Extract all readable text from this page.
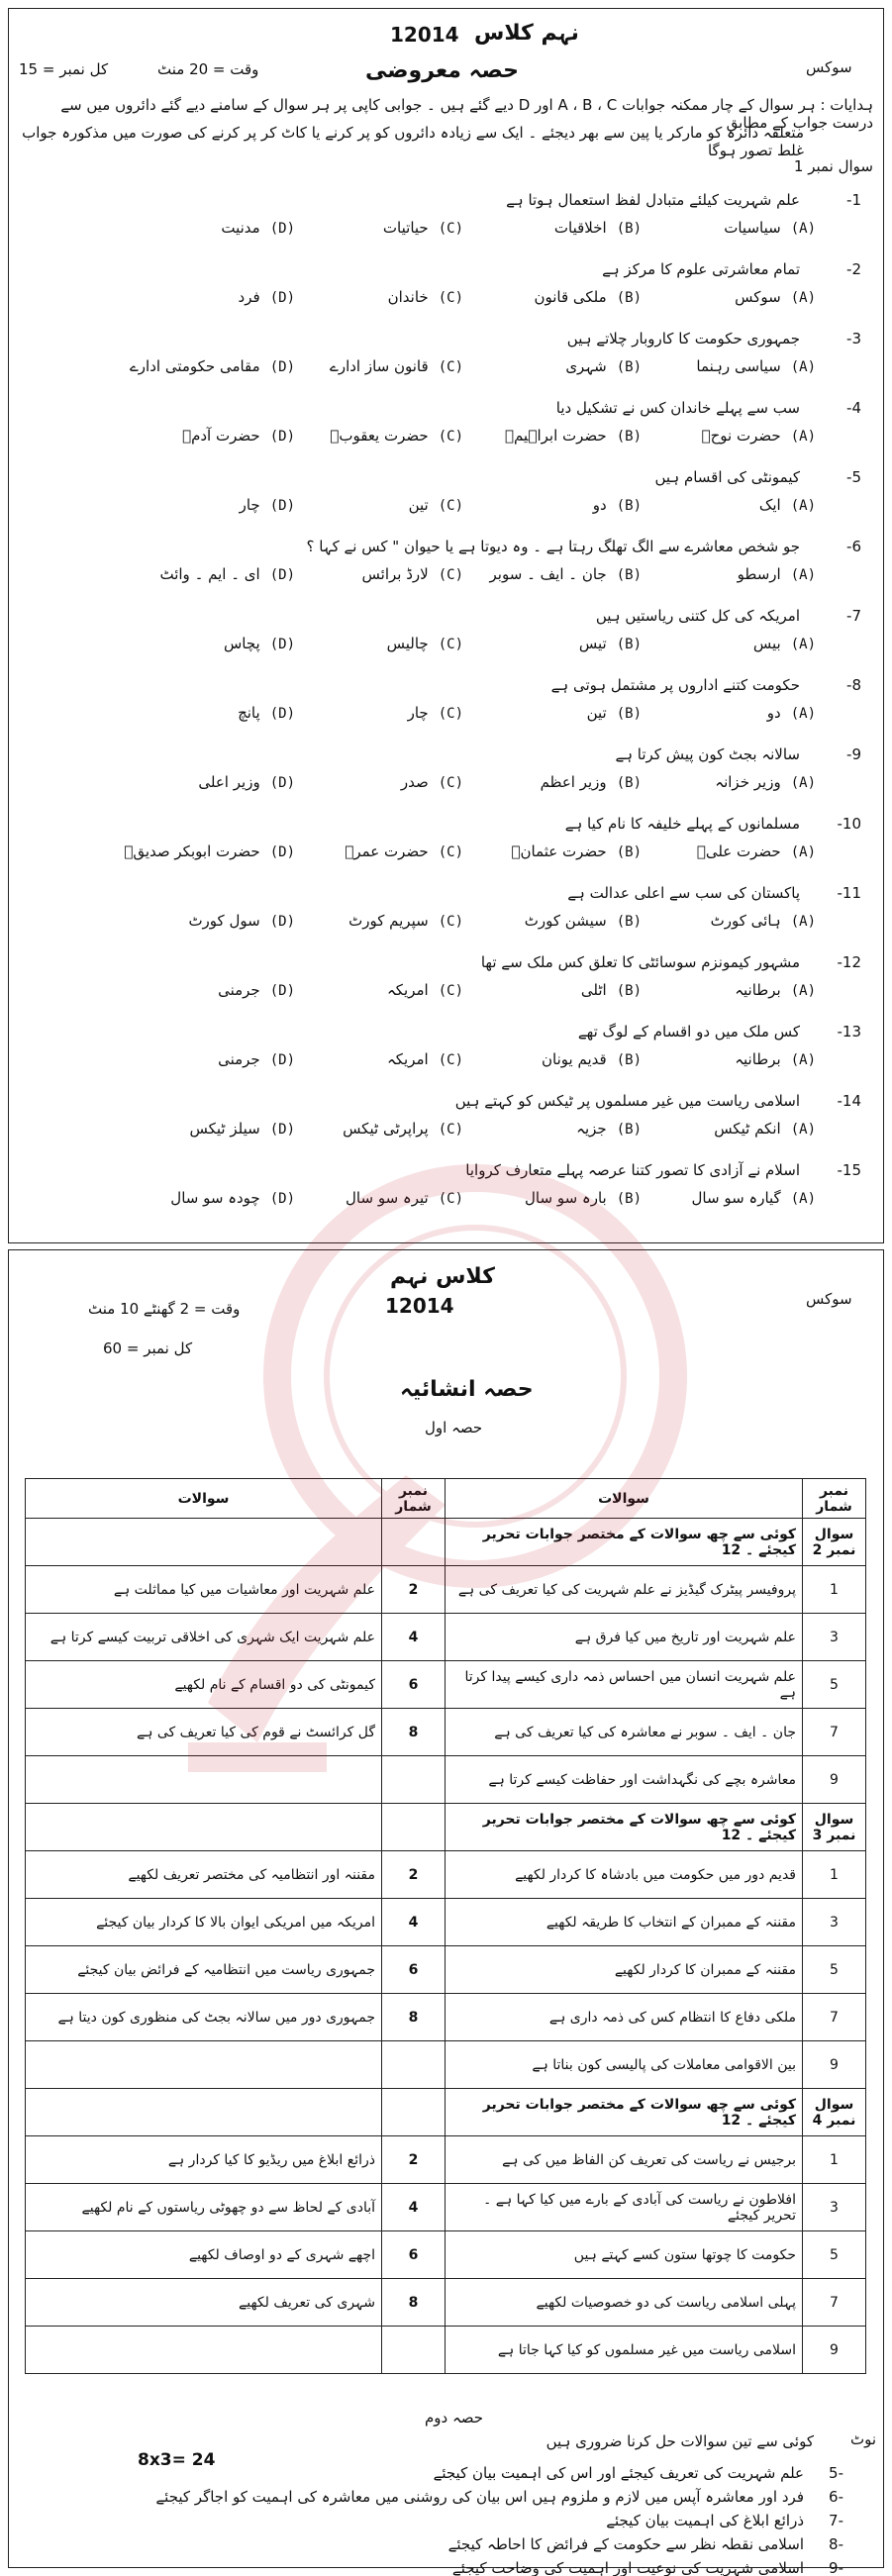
12014 نہم کلاس
سوکس
حصہ معروضی
وقت = 20 منٹ
کل نمبر = 15
ہدایات : ہر سوال کے چار ممکنہ جوابات A ، B ، C اور D دیے گئے ہیں ۔ جوابی کاپی پر ہر سوال کے سامنے دیے گئے دائروں میں سے درست جواب کے مطابق
متعلقہ دائرہ کو مارکر یا پین سے بھر دیجئے ۔ ایک سے زیادہ دائروں کو پر کرنے یا کاٹ کر پر کرنے کی صورت میں مذکورہ جواب غلط تصور ہوگا
سوال نمبر 1
1-
علم شہریت کیلئے متبادل لفظ استعمال ہوتا ہے
(A)سیاسیات
(B)اخلاقیات
(C)حیاتیات
(D)مدنیت
2-
تمام معاشرتی علوم کا مرکز ہے
(A)سوکس
(B)ملکی قانون
(C)خاندان
(D)فرد
3-
جمہوری حکومت کا کاروبار چلاتے ہیں
(A)سیاسی رہنما
(B)شہری
(C)قانون ساز ادارے
(D)مقامی حکومتی ادارے
4-
سب سے پہلے خاندان کس نے تشکیل دیا
(A)حضرت نوحؑ
(B)حضرت ابراہیمؑ
(C)حضرت یعقوبؑ
(D)حضرت آدمؑ
5-
کیمونٹی کی اقسام ہیں
(A)ایک
(B)دو
(C)تین
(D)چار
6-
جو شخص معاشرے سے الگ تھلگ رہتا ہے ۔ وہ دیوتا ہے یا حیوان " کس نے کہا ؟
(A)ارسطو
(B)جان ۔ ایف ۔ سوبر
(C)لارڈ برائس
(D)ای ۔ ایم ۔ وائٹ
7-
امریکہ کی کل کتنی ریاستیں ہیں
(A)بیس
(B)تیس
(C)چالیس
(D)پچاس
8-
حکومت کتنے اداروں پر مشتمل ہوتی ہے
(A)دو
(B)تین
(C)چار
(D)پانچ
9-
سالانہ بجٹ کون پیش کرتا ہے
(A)وزیر خزانہ
(B)وزیر اعظم
(C)صدر
(D)وزیر اعلی
10-
مسلمانوں کے پہلے خلیفہ کا نام کیا ہے
(A)حضرت علیؓ
(B)حضرت عثمانؓ
(C)حضرت عمرؓ
(D)حضرت ابوبکر صدیقؓ
11-
پاکستان کی سب سے اعلی عدالت ہے
(A)ہائی کورٹ
(B)سیشن کورٹ
(C)سپریم کورٹ
(D)سول کورٹ
12-
مشہور کیمونزم سوسائٹی کا تعلق کس ملک سے تھا
(A)برطانیہ
(B)اٹلی
(C)امریکہ
(D)جرمنی
13-
کس ملک میں دو اقسام کے لوگ تھے
(A)برطانیہ
(B)قدیم یونان
(C)امریکہ
(D)جرمنی
14-
اسلامی ریاست میں غیر مسلموں پر ٹیکس کو کہتے ہیں
(A)انکم ٹیکس
(B)جزیہ
(C)پراپرٹی ٹیکس
(D)سیلز ٹیکس
15-
اسلام نے آزادی کا تصور کتنا عرصہ پہلے متعارف کروایا
(A)گیارہ سو سال
(B)بارہ سو سال
(C)تیرہ سو سال
(D)چودہ سو سال
کلاس نہم
12014	سوکس
وقت = 2 گھنٹے 10 منٹ
کل نمبر = 60
حصہ انشائیہ
حصہ اول
نمبر شمار	سوالات	نمبر شمار	سوالات
سوال نمبر 2	کوئی سے چھ سوالات کے مختصر جوابات تحریر کیجئے ۔ 12		
1	پروفیسر پیٹرک گیڈیز نے علم شہریت کی کیا تعریف کی ہے	2	علم شہریت اور معاشیات میں کیا مماثلت ہے
3	علم شہریت اور تاریخ میں کیا فرق ہے	4	علم شہریت ایک شہری کی اخلاقی تربیت کیسے کرتا ہے
5	علم شہریت انسان میں احساس ذمہ داری کیسے پیدا کرتا ہے	6	کیمونٹی کی دو اقسام کے نام لکھیے
7	جان ۔ ایف ۔ سوبر نے معاشرہ کی کیا تعریف کی ہے	8	گل کرائسٹ نے قوم کی کیا تعریف کی ہے
9	معاشرہ بچے کی نگہداشت اور حفاظت کیسے کرتا ہے		
سوال نمبر 3	کوئی سے چھ سوالات کے مختصر جوابات تحریر کیجئے ۔ 12		
1	قدیم دور میں حکومت میں بادشاہ کا کردار لکھیے	2	مقننہ اور انتظامیہ کی مختصر تعریف لکھیے
3	مقننہ کے ممبران کے انتخاب کا طریقہ لکھیے	4	امریکہ میں امریکی ایوان بالا کا کردار بیان کیجئے
5	مقننہ کے ممبران کا کردار لکھیے	6	جمہوری ریاست میں انتظامیہ کے فرائض بیان کیجئے
7	ملکی دفاع کا انتظام کس کی ذمہ داری ہے	8	جمہوری دور میں سالانہ بجٹ کی منظوری کون دیتا ہے
9	بین الاقوامی معاملات کی پالیسی کون بناتا ہے		
سوال نمبر 4	کوئی سے چھ سوالات کے مختصر جوابات تحریر کیجئے ۔ 12		
1	برجیس نے ریاست کی تعریف کن الفاظ میں کی ہے	2	ذرائع ابلاغ میں ریڈیو کا کیا کردار ہے
3	افلاطون نے ریاست کی آبادی کے بارے میں کیا کہا ہے ۔ تحریر کیجئے	4	آبادی کے لحاظ سے دو چھوٹی ریاستوں کے نام لکھیے
5	حکومت کا چوتھا ستون کسے کہتے ہیں	6	اچھے شہری کے دو اوصاف لکھیے
7	پہلی اسلامی ریاست کی دو خصوصیات لکھیے	8	شہری کی تعریف لکھیے
9	اسلامی ریاست میں غیر مسلموں کو کیا کہا جاتا ہے		
حصہ دوم
نوٹ
کوئی سے تین سوالات حل کرنا ضروری ہیں
8x3= 24
5-
علم شہریت کی تعریف کیجئے اور اس کی اہمیت بیان کیجئے
6-
فرد اور معاشرہ آپس میں لازم و ملزوم ہیں اس بیان کی روشنی میں معاشرہ کی اہمیت کو اجاگر کیجئے
7-
ذرائع ابلاغ کی اہمیت بیان کیجئے
8-
اسلامی نقطہ نظر سے حکومت کے فرائض کا احاطہ کیجئے
9-
اسلامی شہریت کی نوعیت اور اہمیت کی وضاحت کیجئے
